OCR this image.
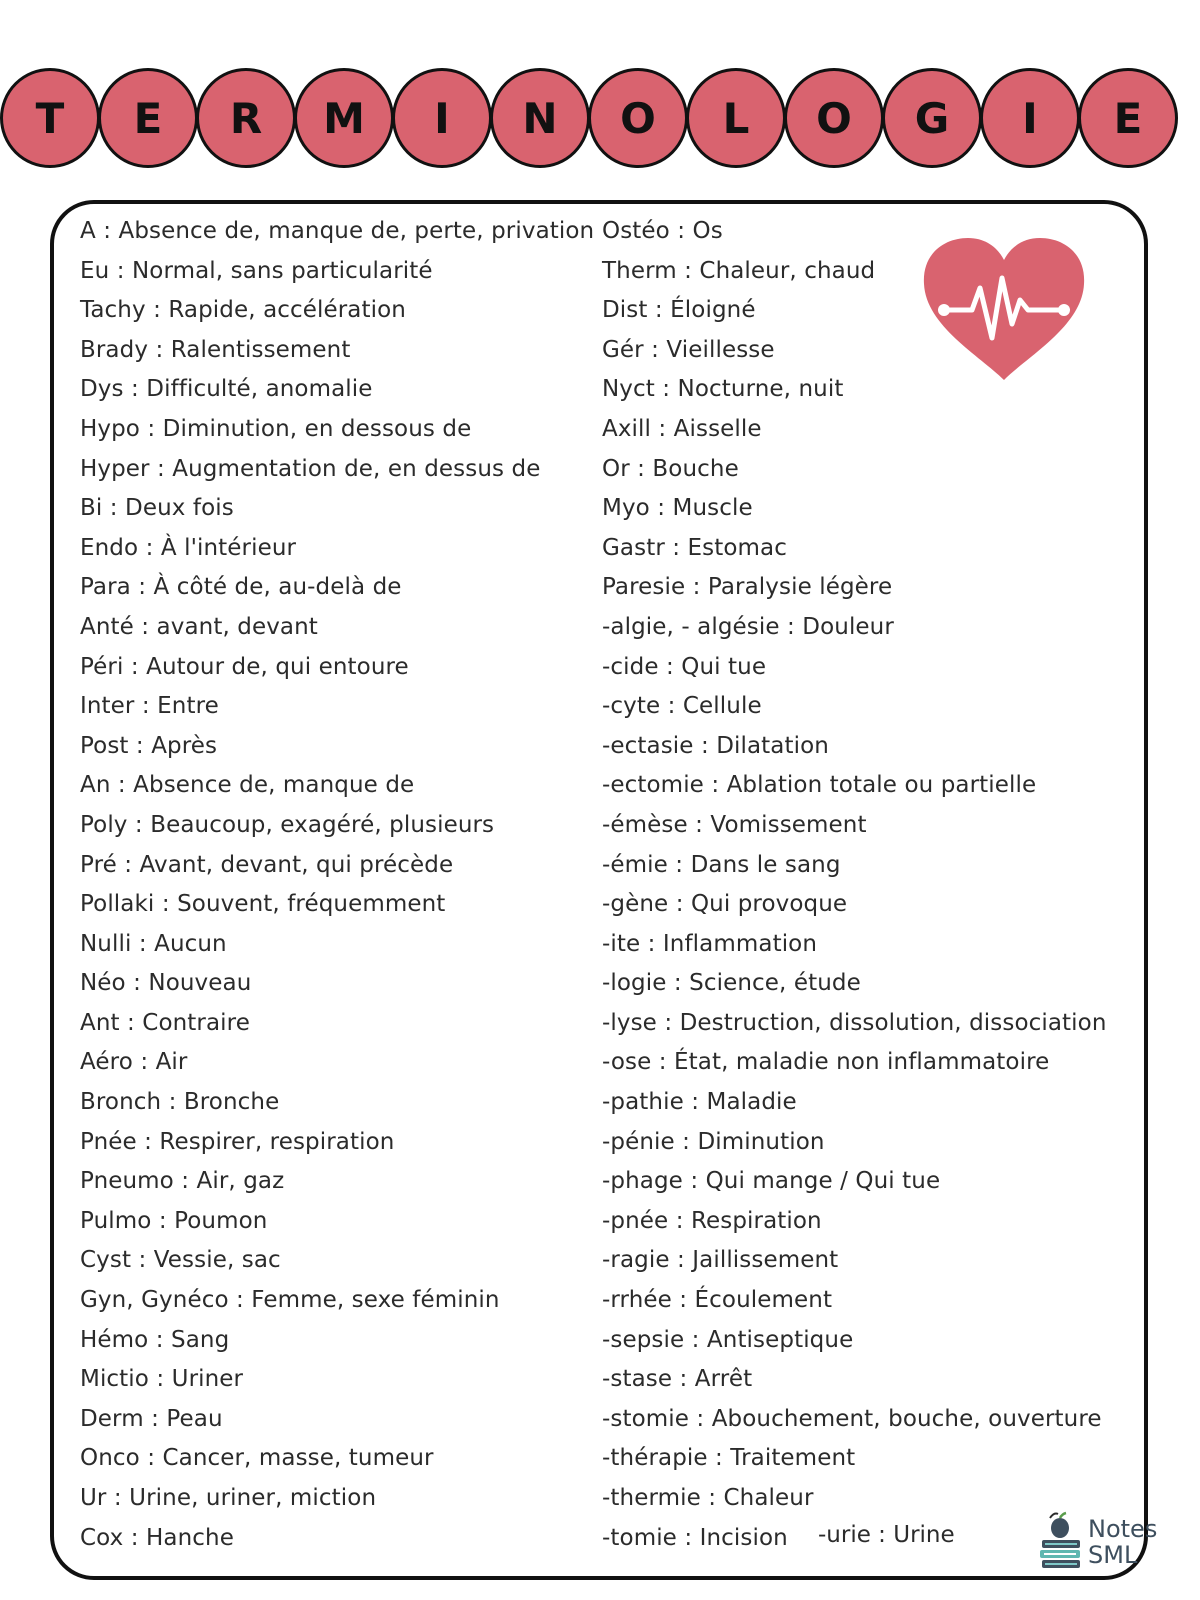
T	E	R	M	I	N	O	L	O	G	I	E
A : Absence de, manque de, perte, privation
Eu : Normal, sans particularité
Tachy : Rapide, accélération
Brady : Ralentissement
Dys : Difficulté, anomalie
Hypo : Diminution, en dessous de
Hyper : Augmentation de, en dessus de
Bi : Deux fois
Endo : À l'intérieur
Para : À côté de, au-delà de
Anté : avant, devant
Péri : Autour de, qui entoure
Inter : Entre
Post : Après
An : Absence de, manque de
Poly : Beaucoup, exagéré, plusieurs
Pré : Avant, devant, qui précède
Pollaki : Souvent, fréquemment
Nulli : Aucun
Néo : Nouveau
Ant : Contraire
Aéro : Air
Bronch : Bronche
Pnée : Respirer, respiration
Pneumo : Air, gaz
Pulmo : Poumon
Cyst : Vessie, sac
Gyn, Gynéco : Femme, sexe féminin
Hémo : Sang
Mictio : Uriner
Derm : Peau
Onco : Cancer, masse, tumeur
Ur : Urine, uriner, miction
Cox : Hanche
Ostéo : Os
Therm : Chaleur, chaud
Dist : Éloigné
Gér : Vieillesse
Nyct : Nocturne, nuit
Axill : Aisselle
Or : Bouche
Myo : Muscle
Gastr : Estomac
Paresie : Paralysie légère
-algie, - algésie : Douleur
-cide : Qui tue
-cyte : Cellule
-ectasie : Dilatation
-ectomie : Ablation totale ou partielle
-émèse : Vomissement
-émie : Dans le sang
-gène : Qui provoque
-ite : Inflammation
-logie : Science, étude
-lyse : Destruction, dissolution, dissociation
-ose : État, maladie non inflammatoire
-pathie : Maladie
-pénie : Diminution
-phage : Qui mange / Qui tue
-pnée : Respiration
-ragie : Jaillissement
-rrhée : Écoulement
-sepsie : Antiseptique
-stase : Arrêt
-stomie : Abouchement, bouche, ouverture
-thérapie : Traitement
-thermie : Chaleur
-tomie : Incision	-urie : Urine	Notes
SML
